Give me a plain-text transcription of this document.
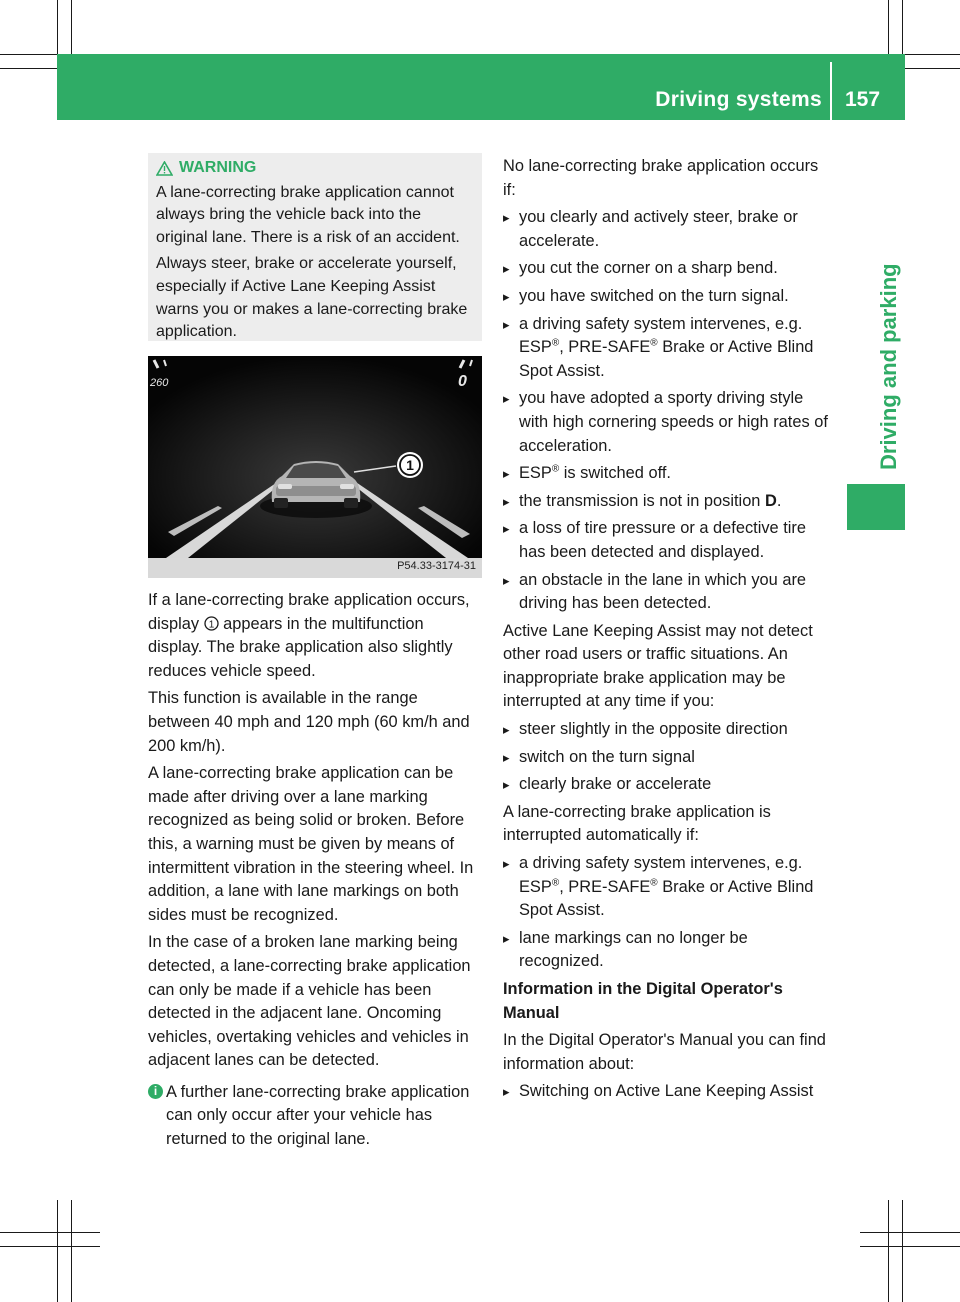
Driving systems 157
Driving and parking
WARNING

A lane-correcting brake application cannot always bring the vehicle back into the original lane. There is a risk of an accident.

Always steer, brake or accelerate yourself, especially if Active Lane Keeping Assist warns you or makes a lane-correcting brake application.

260	0
1
P54.33-3174-31

If a lane-correcting brake application occurs, display 1 appears in the multifunction display. The brake application also slightly reduces vehicle speed.

This function is available in the range between 40 mph and 120 mph (60 km/h and 200 km/h).

A lane-correcting brake application can be made after driving over a lane marking recognized as being solid or broken. Before this, a warning must be given by means of intermittent vibration in the steering wheel. In addition, a lane with lane markings on both sides must be recognized.

In the case of a broken lane marking being detected, a lane-correcting brake application can only be made if a vehicle has been detected in the adjacent lane. Oncoming vehicles, overtaking vehicles and vehicles in adjacent lanes can be detected.

i A further lane-correcting brake application can only occur after your vehicle has returned to the original lane.

No lane-correcting brake application occurs if:

▸ you clearly and actively steer, brake or accelerate.
▸ you cut the corner on a sharp bend.
▸ you have switched on the turn signal.
▸ a driving safety system intervenes, e.g. ESP®, PRE-SAFE® Brake or Active Blind Spot Assist.
▸ you have adopted a sporty driving style with high cornering speeds or high rates of acceleration.
▸ ESP® is switched off.
▸ the transmission is not in position D.
▸ a loss of tire pressure or a defective tire has been detected and displayed.
▸ an obstacle in the lane in which you are driving has been detected.

Active Lane Keeping Assist may not detect other road users or traffic situations. An inappropriate brake application may be interrupted at any time if you:

▸ steer slightly in the opposite direction
▸ switch on the turn signal
▸ clearly brake or accelerate

A lane-correcting brake application is interrupted automatically if:

▸ a driving safety system intervenes, e.g. ESP®, PRE-SAFE® Brake or Active Blind Spot Assist.
▸ lane markings can no longer be recognized.

Information in the Digital Operator's Manual

In the Digital Operator's Manual you can find information about:

▸ Switching on Active Lane Keeping Assist
